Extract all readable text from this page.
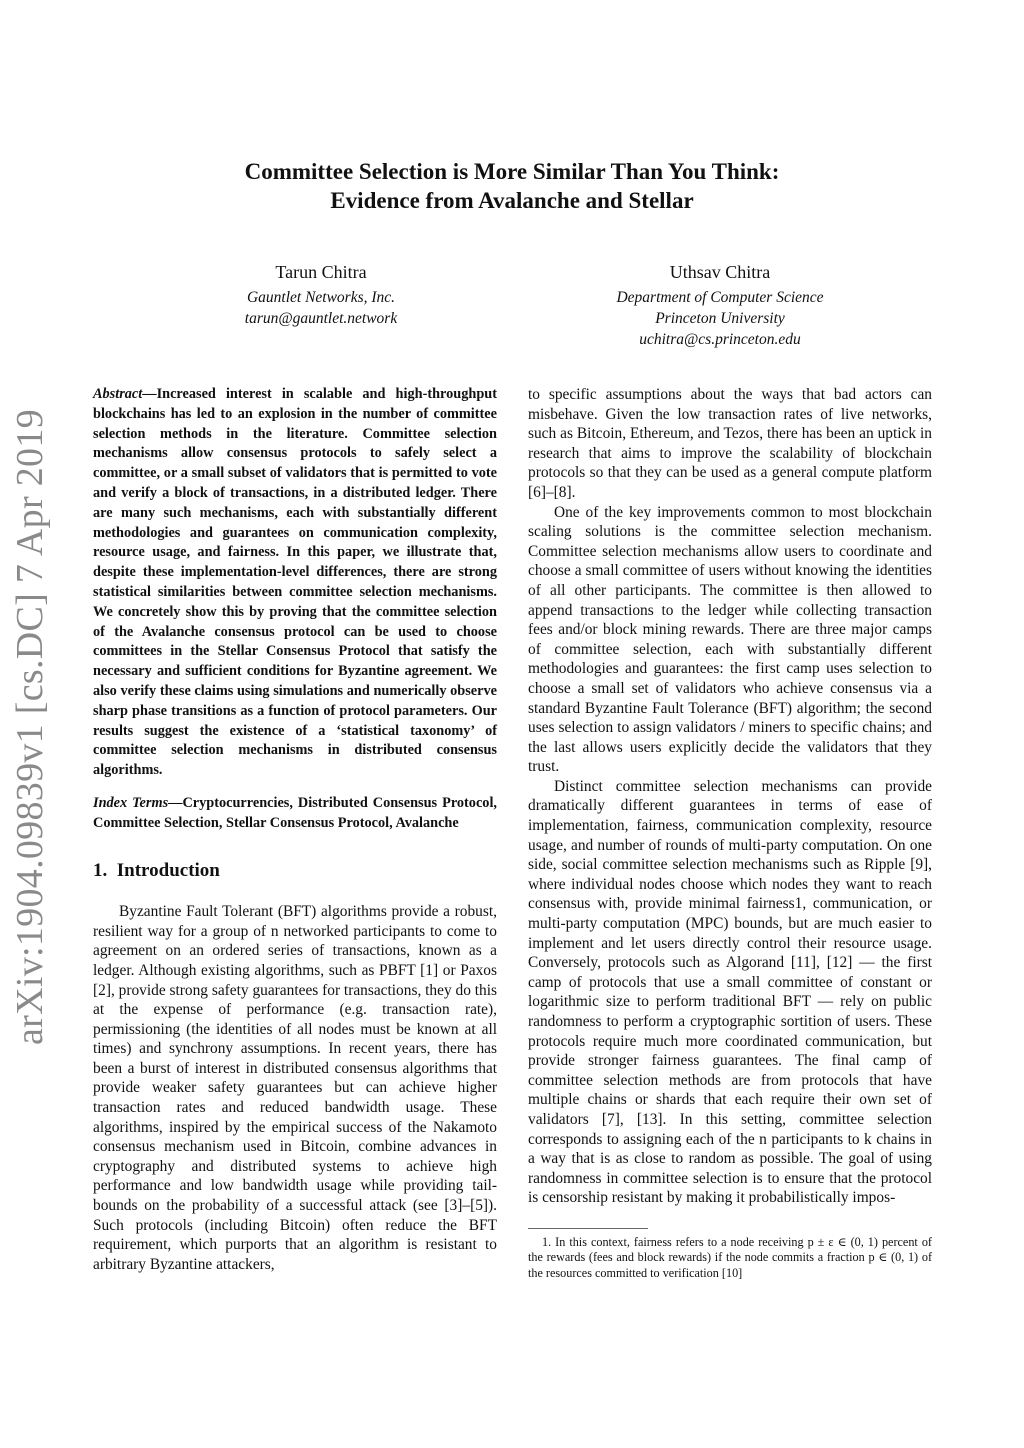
arXiv:1904.09839v1 [cs.DC] 7 Apr 2019
Committee Selection is More Similar Than You Think:
Evidence from Avalanche and Stellar
Tarun Chitra
Gauntlet Networks, Inc.
tarun@gauntlet.network
Uthsav Chitra
Department of Computer Science
Princeton University
uchitra@cs.princeton.edu
Abstract—Increased interest in scalable and high-throughput blockchains has led to an explosion in the number of committee selection methods in the literature. Committee selection mechanisms allow consensus protocols to safely select a committee, or a small subset of validators that is permitted to vote and verify a block of transactions, in a distributed ledger. There are many such mechanisms, each with substantially different methodologies and guarantees on communication complexity, resource usage, and fairness. In this paper, we illustrate that, despite these implementation-level differences, there are strong statistical similarities between committee selection mechanisms. We concretely show this by proving that the committee selection of the Avalanche consensus protocol can be used to choose committees in the Stellar Consensus Protocol that satisfy the necessary and sufficient conditions for Byzantine agreement. We also verify these claims using simulations and numerically observe sharp phase transitions as a function of protocol parameters. Our results suggest the existence of a ‘statistical taxonomy’ of committee selection mechanisms in distributed consensus algorithms.
Index Terms—Cryptocurrencies, Distributed Consensus Protocol, Committee Selection, Stellar Consensus Protocol, Avalanche
1. Introduction

Byzantine Fault Tolerant (BFT) algorithms provide a robust, resilient way for a group of n networked participants to come to agreement on an ordered series of transactions, known as a ledger. Although existing algorithms, such as PBFT [1] or Paxos [2], provide strong safety guarantees for transactions, they do this at the expense of performance (e.g. transaction rate), permissioning (the identities of all nodes must be known at all times) and synchrony assumptions. In recent years, there has been a burst of interest in distributed consensus algorithms that provide weaker safety guarantees but can achieve higher transaction rates and reduced bandwidth usage. These algorithms, inspired by the empirical success of the Nakamoto consensus mechanism used in Bitcoin, combine advances in cryptography and distributed systems to achieve high performance and low bandwidth usage while providing tail-bounds on the probability of a successful attack (see [3]–[5]). Such protocols (including Bitcoin) often reduce the BFT requirement, which purports that an algorithm is resistant to arbitrary Byzantine attackers,

to specific assumptions about the ways that bad actors can misbehave. Given the low transaction rates of live networks, such as Bitcoin, Ethereum, and Tezos, there has been an uptick in research that aims to improve the scalability of blockchain protocols so that they can be used as a general compute platform [6]–[8].

One of the key improvements common to most blockchain scaling solutions is the committee selection mechanism. Committee selection mechanisms allow users to coordinate and choose a small committee of users without knowing the identities of all other participants. The committee is then allowed to append transactions to the ledger while collecting transaction fees and/or block mining rewards. There are three major camps of committee selection, each with substantially different methodologies and guarantees: the first camp uses selection to choose a small set of validators who achieve consensus via a standard Byzantine Fault Tolerance (BFT) algorithm; the second uses selection to assign validators / miners to specific chains; and the last allows users explicitly decide the validators that they trust.

Distinct committee selection mechanisms can provide dramatically different guarantees in terms of ease of implementation, fairness, communication complexity, resource usage, and number of rounds of multi-party computation. On one side, social committee selection mechanisms such as Ripple [9], where individual nodes choose which nodes they want to reach consensus with, provide minimal fairness1, communication, or multi-party computation (MPC) bounds, but are much easier to implement and let users directly control their resource usage. Conversely, protocols such as Algorand [11], [12] — the first camp of protocols that use a small committee of constant or logarithmic size to perform traditional BFT — rely on public randomness to perform a cryptographic sortition of users. These protocols require much more coordinated communication, but provide stronger fairness guarantees. The final camp of committee selection methods are from protocols that have multiple chains or shards that each require their own set of validators [7], [13]. In this setting, committee selection corresponds to assigning each of the n participants to k chains in a way that is as close to random as possible. The goal of using randomness in committee selection is to ensure that the protocol is censorship resistant by making it probabilistically impos-

1. In this context, fairness refers to a node receiving p ± ε ∈ (0, 1) percent of the rewards (fees and block rewards) if the node commits a fraction p ∈ (0, 1) of the resources committed to verification [10]
